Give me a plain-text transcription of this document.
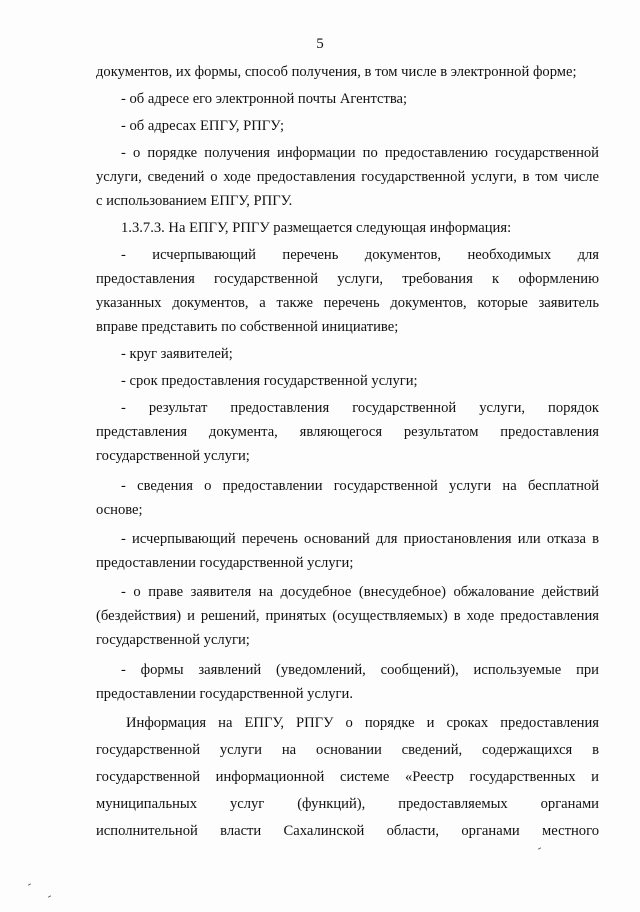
5
документов, их формы, способ получения, в том числе в электронной форме;
- об адресе его электронной почты Агентства;
- об адресах ЕПГУ, РПГУ;
- о порядке получения информации по предоставлению государственной
услуги, сведений о ходе предоставления государственной услуги, в том числе
с использованием ЕПГУ, РПГУ.
1.3.7.3. На ЕПГУ, РПГУ размещается следующая информация:
- исчерпывающий перечень документов, необходимых для
предоставления государственной услуги, требования к оформлению
указанных документов, а также перечень документов, которые заявитель
вправе представить по собственной инициативе;
- круг заявителей;
- срок предоставления государственной услуги;
- результат предоставления государственной услуги, порядок
представления документа, являющегося результатом предоставления
государственной услуги;
- сведения о предоставлении государственной услуги на бесплатной
основе;
- исчерпывающий перечень оснований для приостановления или отказа в
предоставлении государственной услуги;
- о праве заявителя на досудебное (внесудебное) обжалование действий
(бездействия) и решений, принятых (осуществляемых) в ходе предоставления
государственной услуги;
- формы заявлений (уведомлений, сообщений), используемые при
предоставлении государственной услуги.
Информация на ЕПГУ, РПГУ о порядке и сроках предоставления
государственной услуги на основании сведений, содержащихся в
государственной информационной системе «Реестр государственных и
муниципальных услуг (функций), предоставляемых органами
исполнительной власти Сахалинской области, органами местного
